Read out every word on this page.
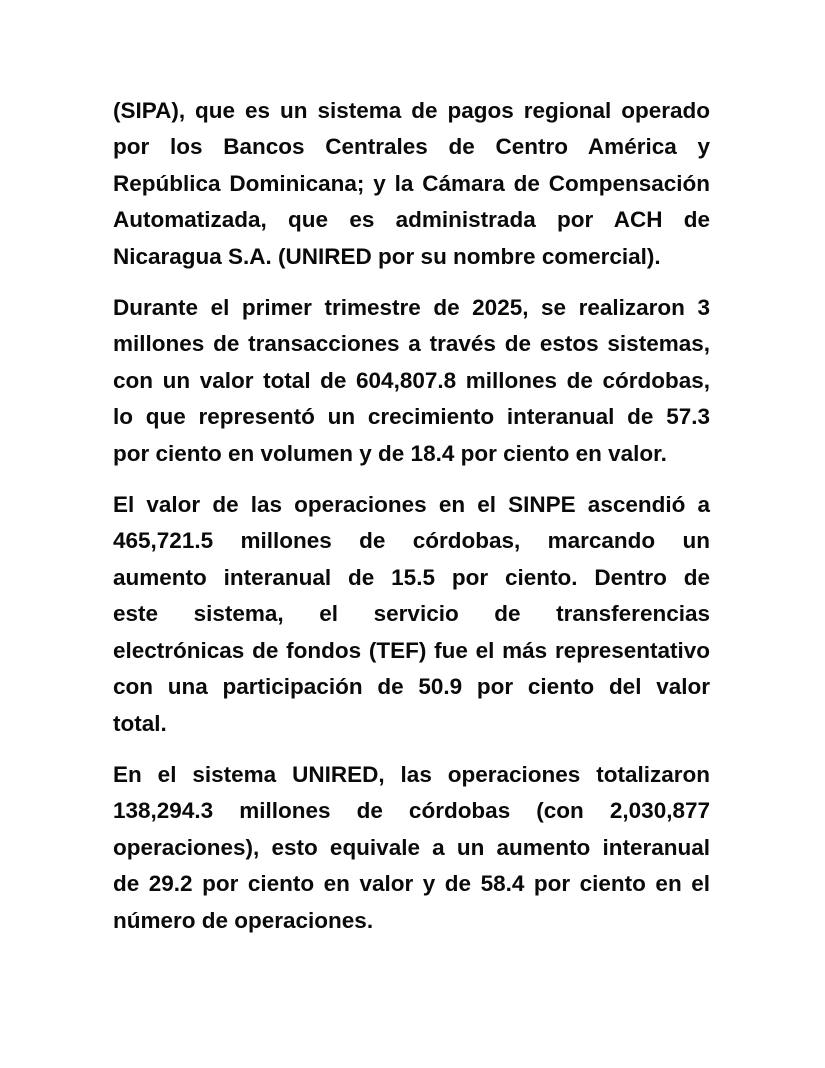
(SIPA), que es un sistema de pagos regional operado
por los Bancos Centrales de Centro América y
República Dominicana; y la Cámara de Compensación
Automatizada, que es administrada por ACH de
Nicaragua S.A. (UNIRED por su nombre comercial).
Durante el primer trimestre de 2025, se realizaron 3
millones de transacciones a través de estos sistemas,
con un valor total de 604,807.8 millones de córdobas,
lo que representó un crecimiento interanual de 57.3
por ciento en volumen y de 18.4 por ciento en valor.
El valor de las operaciones en el SINPE ascendió a
465,721.5 millones de córdobas, marcando un
aumento interanual de 15.5 por ciento. Dentro de
este sistema, el servicio de transferencias
electrónicas de fondos (TEF) fue el más representativo
con una participación de 50.9 por ciento del valor
total.
En el sistema UNIRED, las operaciones totalizaron
138,294.3 millones de córdobas (con 2,030,877
operaciones), esto equivale a un aumento interanual
de 29.2 por ciento en valor y de 58.4 por ciento en el
número de operaciones.
